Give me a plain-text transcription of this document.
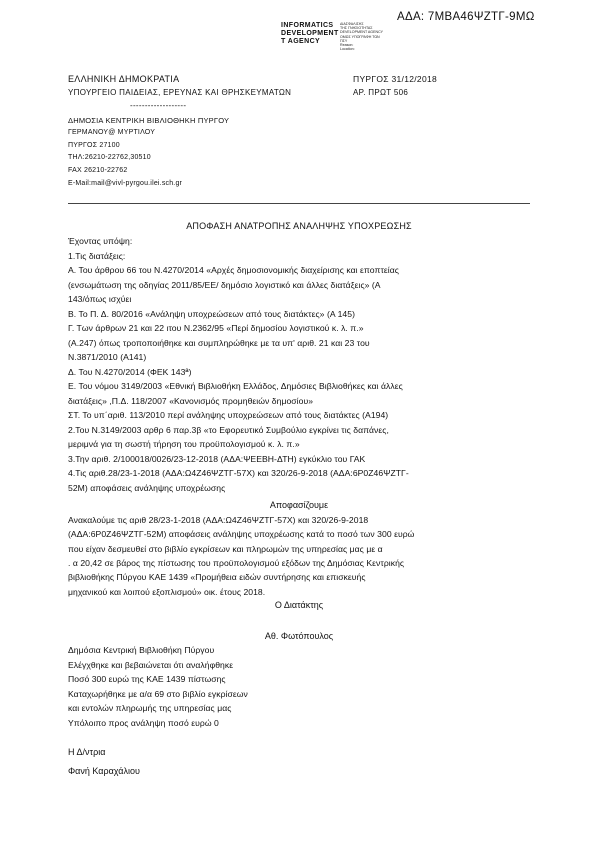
ΑΔΑ: 7ΜΒΑ46ΨΖΤΓ-9ΜΩ
INFORMATICS
DEVELOPMENT
T AGENCY
ΔΙΑΣΦΑΛΙΣΗΣ
ΤΗΣ ΓΝΗΣΙΟΤΗΤΑΣ
DEVELOPMENT AGENCY
ΟΜΩΣ ΥΠΟΓΡΑΦΗ ΤΩΝ
ΠΣΥ
Reason:
Location:
ΕΛΛΗΝΙΚΗ ΔΗΜΟΚΡΑΤΙΑ
ΥΠΟΥΡΓΕΙΟ ΠΑΙΔΕΙΑΣ, ΕΡΕΥΝΑΣ ΚΑΙ ΘΡΗΣΚΕΥΜΑΤΩΝ
-------------------
ΔΗΜΟΣΙΑ ΚΕΝΤΡΙΚΗ ΒΙΒΛΙΟΘΗΚΗ ΠΥΡΓΟΥ
ΓΕΡΜΑΝΟΥ@ ΜΥΡΤΙΛΟΥ
ΠΥΡΓΟΣ 27100
ΤΗΛ:26210-22762,30510
FAX 26210-22762
E-Mail:mail@vivl-pyrgou.ilei.sch.gr
ΠΥΡΓΟΣ 31/12/2018
ΑΡ. ΠΡΩΤ 506
ΑΠΟΦΑΣΗ ΑΝΑΤΡΟΠΗΣ ΑΝΑΛΗΨΗΣ ΥΠΟΧΡΕΩΣΗΣ
Έχοντας υπόψη:
1.Τις διατάξεις:
Α. Του άρθρου 66 του Ν.4270/2014 «Αρχές δημοσιονομικής διαχείρισης και εποπτείας
(ενσωμάτωση της οδηγίας 2011/85/ΕΕ/ δημόσιο λογιστικό και άλλες διατάξεις» (Α
143/όπως ισχύει
Β. Το Π. Δ. 80/2016 «Ανάληψη υποχρεώσεων από τους διατάκτες» (Α 145)
Γ. Των άρθρων 21 και 22 ιτου Ν.2362/95 «Περί δημοσίου λογιστικού κ. λ. π.»
(Α.247) όπως τροποποιήθηκε και συμπληρώθηκε με τα υπ' αριθ. 21 και 23 του
Ν.3871/2010 (Α141)
Δ. Του Ν.4270/2014 (ΦΕΚ 143ª)
Ε. Του νόμου 3149/2003 «Εθνική Βιβλιοθήκη Ελλάδος, Δημόσιες Βιβλιοθήκες και άλλες
διατάξεις» ,Π.Δ. 118/2007 «Κανονισμός προμηθειών δημοσίου»
ΣΤ. Το υπ΄αριθ. 113/2010 περί ανάληψης υποχρεώσεων από τους διατάκτες (Α194)
2.Του Ν.3149/2003 αρθρ 6 παρ.3β «το Εφορευτικό Συμβούλιο εγκρίνει τις δαπάνες,
μεριμνά για τη σωστή τήρηση του προϋπολογισμού κ. λ. π.»
3.Την αριθ. 2/100018/0026/23-12-2018 (ΑΔΑ:ΨΕΕΒΗ-ΔΤΗ) εγκύκλιο του ΓΑΚ
4.Τις αριθ.28/23-1-2018 (ΑΔΑ:Ω4Ζ46ΨΖΤΓ-57Χ) και 320/26-9-2018 (ΑΔΑ:6Ρ0Ζ46ΨΖΤΓ-
52Μ) αποφάσεις ανάληψης υποχρέωσης
Αποφασίζουμε
Ανακαλούμε τις αριθ 28/23-1-2018 (ΑΔΑ:Ω4Ζ46ΨΖΤΓ-57Χ) και 320/26-9-2018
(ΑΔΑ:6Ρ0Ζ46ΨΖΤΓ-52Μ) αποφάσεις ανάληψης υποχρέωσης κατά το ποσό των 300 ευρώ
που είχαν δεσμευθεί στο βιβλίο εγκρίσεων και πληρωμών της υπηρεσίας μας με α
. α 20,42 σε βάρος της πίστωσης του προϋπολογισμού εξόδων της Δημόσιας Κεντρικής
βιβλιοθήκης Πύργου ΚΑΕ 1439 «Προμήθεια ειδών συντήρησης και επισκευής
μηχανικού και λοιπού εξοπλισμού» οικ. έτους 2018.
Ο Διατάκτης
Αθ. Φωτόπουλος
Δημόσια Κεντρική Βιβλιοθήκη Πύργου
Ελέγχθηκε και βεβαιώνεται ότι αναλήφθηκε
Ποσό 300 ευρώ της ΚΑΕ 1439 πίστωσης
Καταχωρήθηκε με α/α 69 στο βιβλίο εγκρίσεων
και εντολών πληρωμής της υπηρεσίας μας
Υπόλοιπο προς ανάληψη ποσό ευρώ 0
Η Δ/ντρια
Φανή Καραχάλιου
